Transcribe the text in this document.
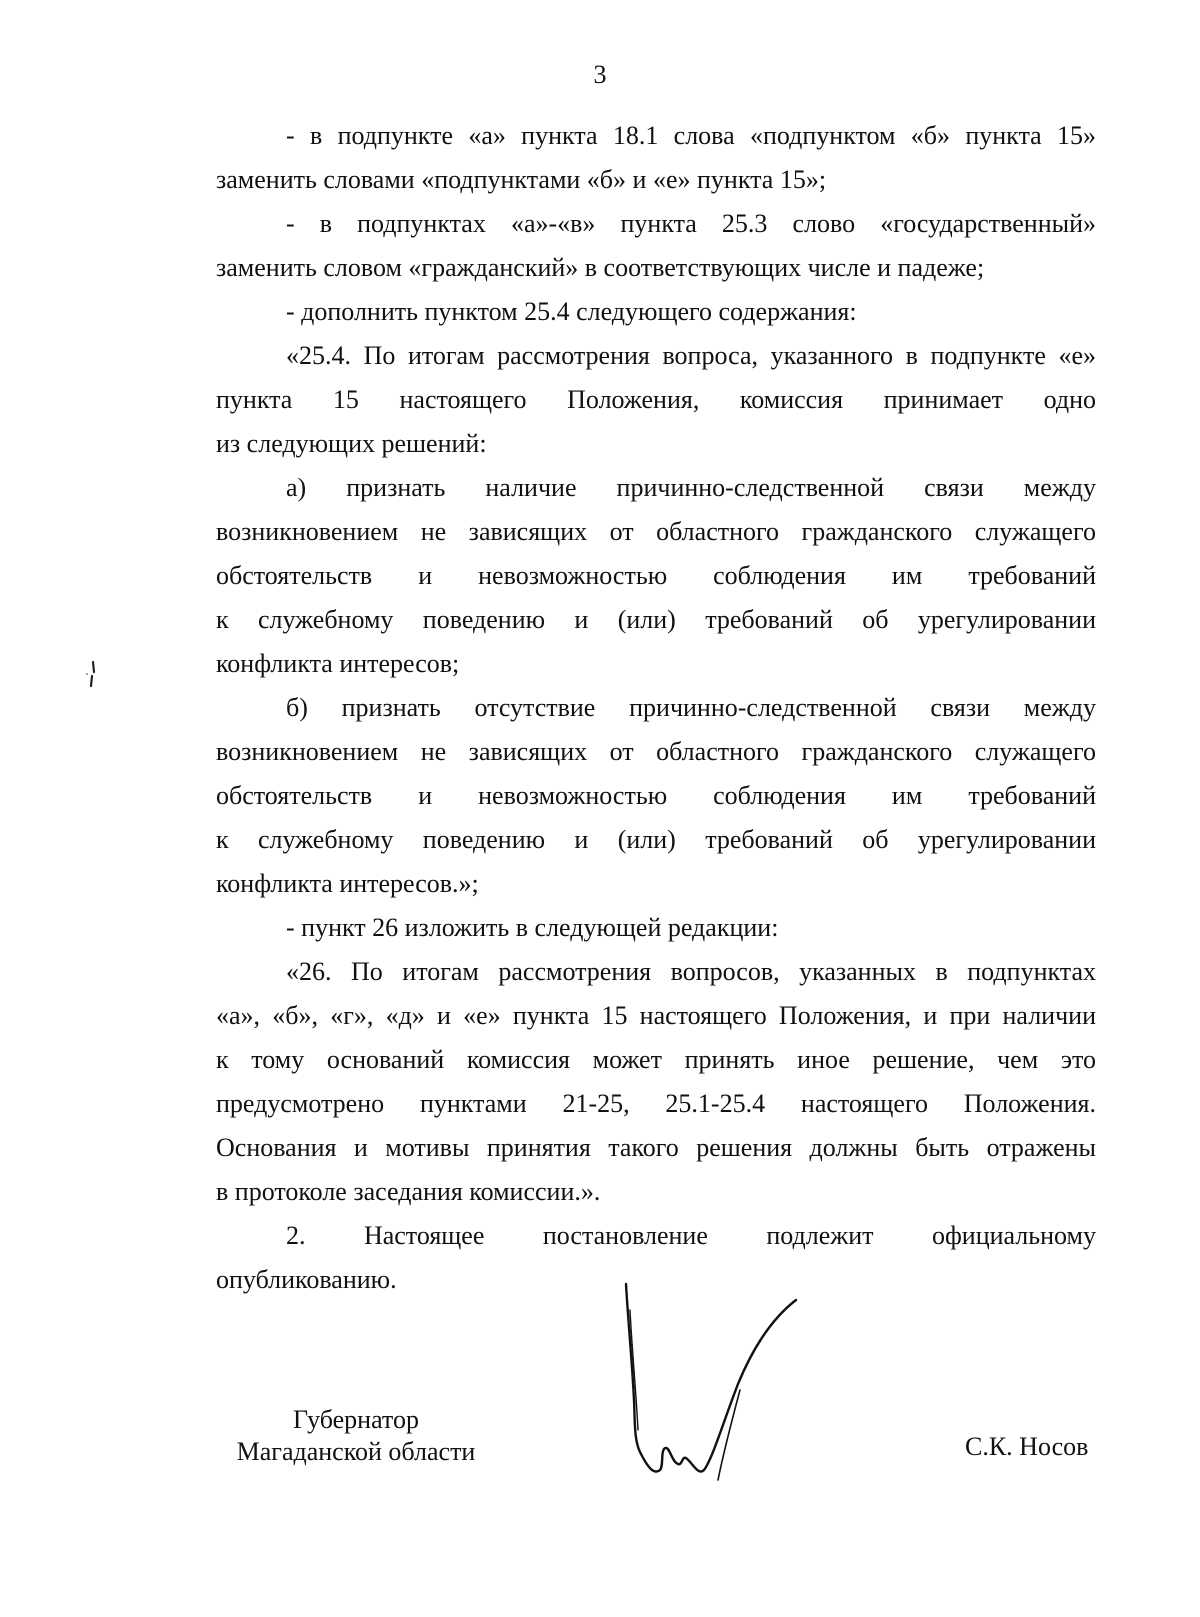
3
- в подпункте «а» пункта 18.1 слова «подпунктом «б» пункта 15»
заменить словами «подпунктами «б» и «е» пункта 15»;
- в подпунктах «а»-«в» пункта 25.3 слово «государственный»
заменить словом «гражданский» в соответствующих числе и падеже;
- дополнить пунктом 25.4 следующего содержания:
«25.4. По итогам рассмотрения вопроса, указанного в подпункте «е»
пункта 15 настоящего Положения, комиссия принимает одно
из следующих решений:
а) признать наличие причинно-следственной связи между
возникновением не зависящих от областного гражданского служащего
обстоятельств и невозможностью соблюдения им требований
к служебному поведению и (или) требований об урегулировании
конфликта интересов;
б) признать отсутствие причинно-следственной связи между
возникновением не зависящих от областного гражданского служащего
обстоятельств и невозможностью соблюдения им требований
к служебному поведению и (или) требований об урегулировании
конфликта интересов.»;
- пункт 26 изложить в следующей редакции:
«26. По итогам рассмотрения вопросов, указанных в подпунктах
«а», «б», «г», «д» и «е» пункта 15 настоящего Положения, и при наличии
к тому оснований комиссия может принять иное решение, чем это
предусмотрено пунктами 21-25, 25.1-25.4 настоящего Положения.
Основания и мотивы принятия такого решения должны быть отражены
в протоколе заседания комиссии.».
2. Настоящее постановление подлежит официальному
опубликованию.
Губернатор
Магаданской области	С.К. Носов
